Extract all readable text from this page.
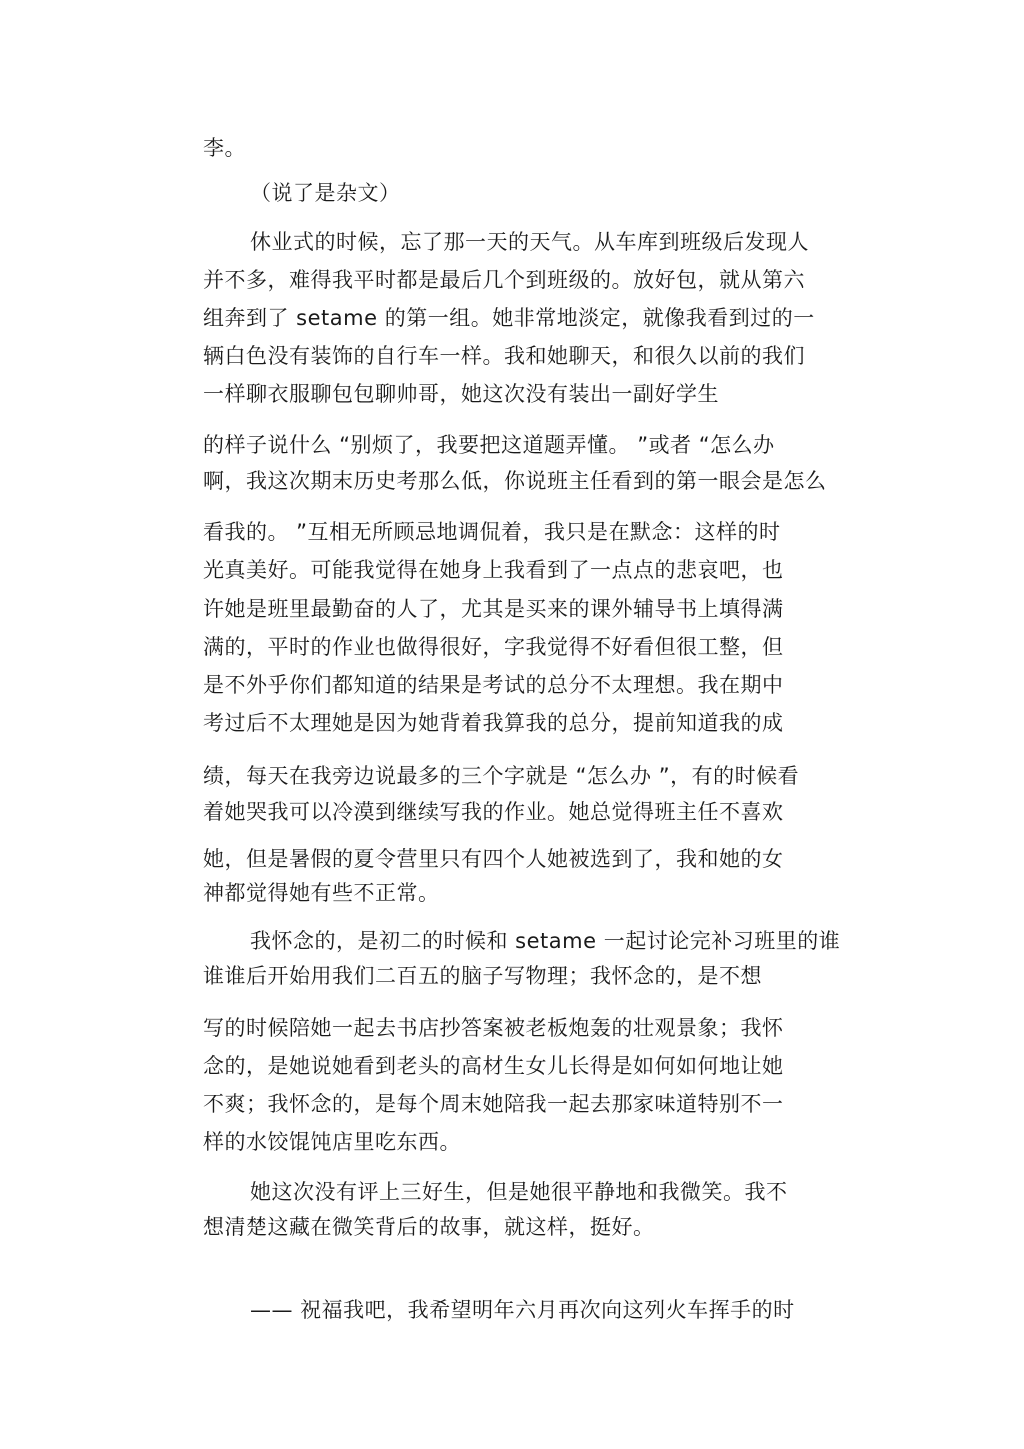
李。
（说了是杂文）
休业式的时候，忘了那一天的天气。从车库到班级后发现人
并不多，难得我平时都是最后几个到班级的。放好包，就从第六
组奔到了 setame 的第一组。她非常地淡定，就像我看到过的一
辆白色没有装饰的自行车一样。我和她聊天，和很久以前的我们
一样聊衣服聊包包聊帅哥，她这次没有装出一副好学生
的样子说什么 “别烦了，我要把这道题弄懂。 ”或者 “怎么办
啊，我这次期末历史考那么低，你说班主任看到的第一眼会是怎么
看我的。 ”互相无所顾忌地调侃着，我只是在默念：这样的时
光真美好。可能我觉得在她身上我看到了一点点的悲哀吧，也
许她是班里最勤奋的人了，尤其是买来的课外辅导书上填得满
满的，平时的作业也做得很好，字我觉得不好看但很工整，但
是不外乎你们都知道的结果是考试的总分不太理想。我在期中
考过后不太理她是因为她背着我算我的总分，提前知道我的成
绩，每天在我旁边说最多的三个字就是 “怎么办 ”，有的时候看
着她哭我可以冷漠到继续写我的作业。她总觉得班主任不喜欢
她，但是暑假的夏令营里只有四个人她被选到了，我和她的女
神都觉得她有些不正常。
我怀念的，是初二的时候和 setame 一起讨论完补习班里的谁
谁谁后开始用我们二百五的脑子写物理；我怀念的，是不想
写的时候陪她一起去书店抄答案被老板炮轰的壮观景象；我怀
念的，是她说她看到老头的高材生女儿长得是如何如何地让她
不爽；我怀念的，是每个周末她陪我一起去那家味道特别不一
样的水饺馄饨店里吃东西。
她这次没有评上三好生，但是她很平静地和我微笑。我不
想清楚这藏在微笑背后的故事，就这样，挺好。
—— 祝福我吧，我希望明年六月再次向这列火车挥手的时
